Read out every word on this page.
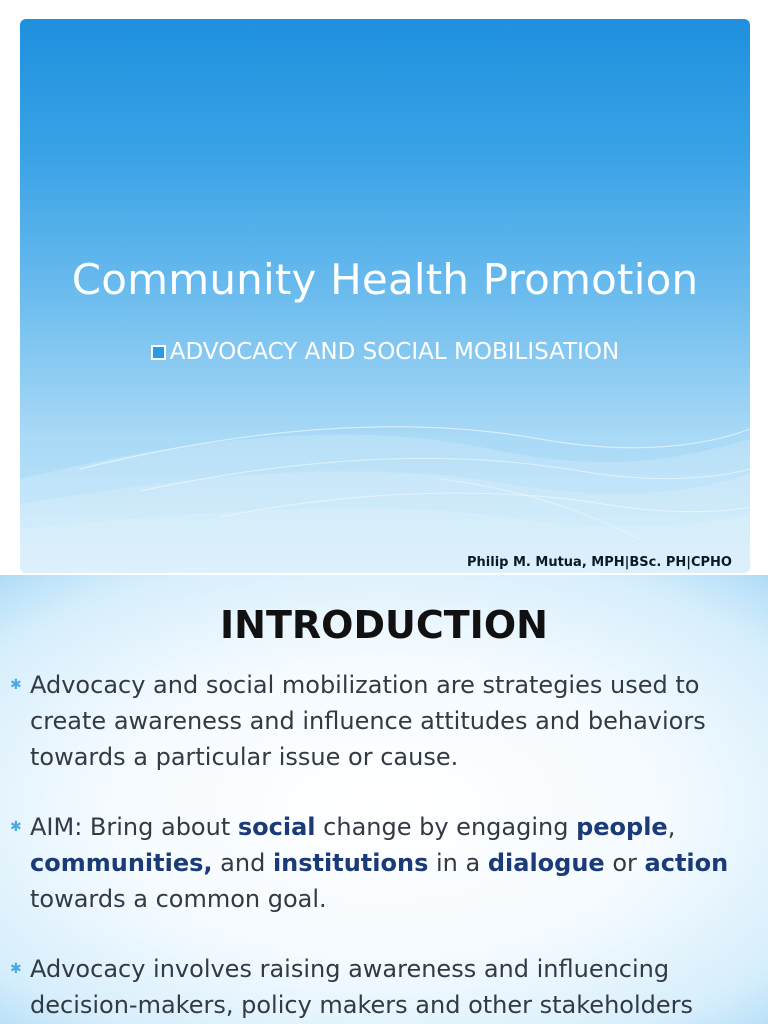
Community Health Promotion
ADVOCACY AND SOCIAL MOBILISATION
Philip M. Mutua, MPH|BSc. PH|CPHO
INTRODUCTION
✱ Advocacy and social mobilization are strategies used to create awareness and influence attitudes and behaviors towards a particular issue or cause.
✱ AIM: Bring about social change by engaging people, communities, and institutions in a dialogue or action towards a common goal.
✱ Advocacy involves raising awareness and influencing decision-makers, policy makers and other stakeholders
